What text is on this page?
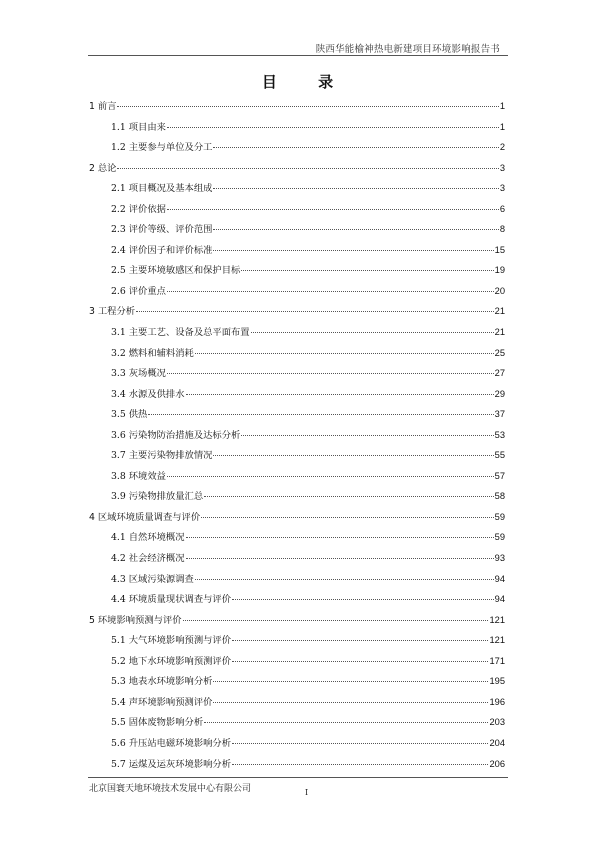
陕西华能榆神热电新建项目环境影响报告书
目 录
1 前言	1
1.1 项目由来	1
1.2 主要参与单位及分工	2
2 总论	3
2.1 项目概况及基本组成	3
2.2 评价依据	6
2.3 评价等级、评价范围	8
2.4 评价因子和评价标准	15
2.5 主要环境敏感区和保护目标	19
2.6 评价重点	20
3 工程分析	21
3.1 主要工艺、设备及总平面布置	21
3.2 燃料和辅料消耗	25
3.3 灰场概况	27
3.4 水源及供排水	29
3.5 供热	37
3.6 污染物防治措施及达标分析	53
3.7 主要污染物排放情况	55
3.8 环境效益	57
3.9 污染物排放量汇总	58
4 区域环境质量调查与评价	59
4.1 自然环境概况	59
4.2 社会经济概况	93
4.3 区域污染源调查	94
4.4 环境质量现状调查与评价	94
5 环境影响预测与评价	121
5.1 大气环境影响预测与评价	121
5.2 地下水环境影响预测评价	171
5.3 地表水环境影响分析	195
5.4 声环境影响预测评价	196
5.5 固体废物影响分析	203
5.6 升压站电磁环境影响分析	204
5.7 运煤及运灰环境影响分析	206
北京国寰天地环境技术发展中心有限公司	I
